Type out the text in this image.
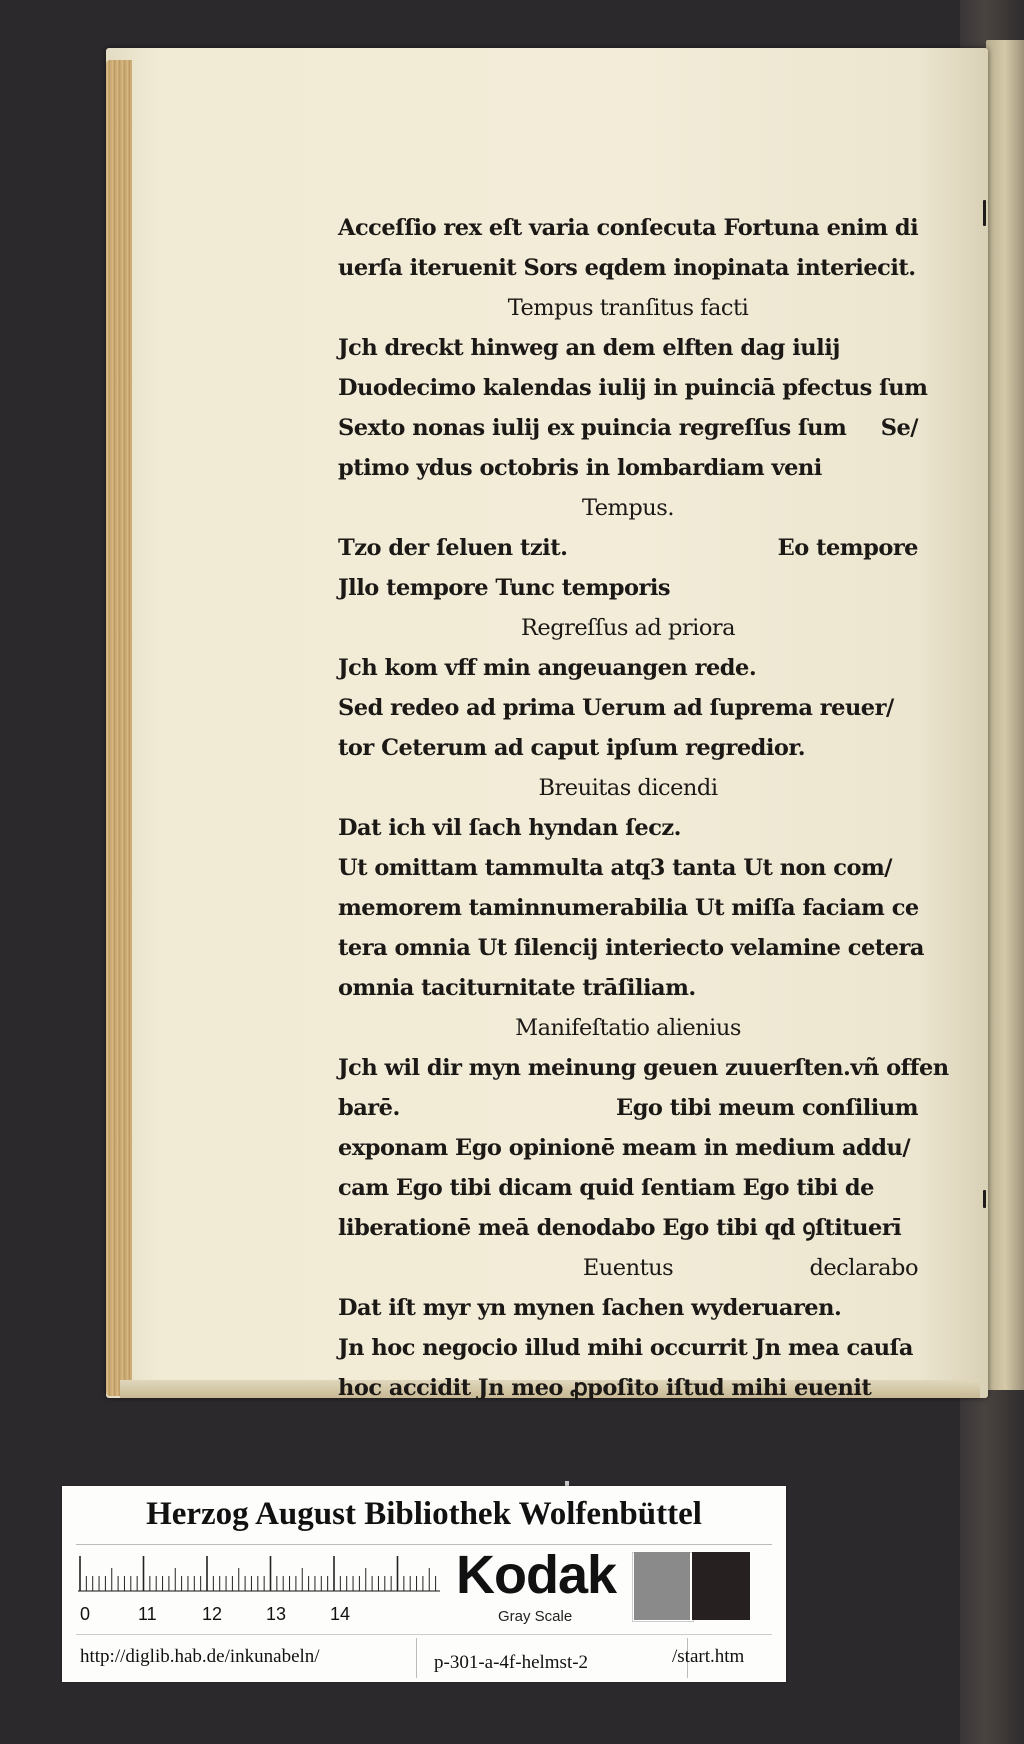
Acceſſio rex eſt varia conſecuta Fortuna enim di
uerſa iteruenit Sors eqdem inopinata interiecit.
Tempus tranſitus facti
Jch dreckt hinweg an dem elften dag iulij
Duodecimo kalendas iulij in puinciā pfectus ſum
Sexto nonas iulij ex puincia regreſſus ſum Se/
ptimo ydus octobris in lombardiam veni
Tempus.
Tzo der ſeluen tzit.	Eo tempore
Jllo tempore Tunc temporis
Regreſſus ad priora
Jch kom vff min angeuangen rede.
Sed redeo ad prima Uerum ad ſuprema reuer/
tor Ceterum ad caput ipſum regredior.
Breuitas dicendi
Dat ich vil ſach hyndan ſecz.
Ut omittam tammulta atq3 tanta Ut non com/
memorem taminnumerabilia Ut miſſa faciam ce
tera omnia Ut ſilencij interiecto velamine cetera
omnia taciturnitate trāſiliam.
Manifeſtatio alienius
Jch wil dir myn meinung geuen zuuerſten.vñ offen
barē.	Ego tibi meum conſilium
exponam Ego opinionē meam in medium addu/
cam Ego tibi dicam quid ſentiam Ego tibi de
liberationē meā denodabo Ego tibi qd ꝯſtituerī
Euentus	declarabo
Dat iſt myr yn mynen ſachen wyderuaren.
Jn hoc negocio illud mihi occurrit Jn mea cauſa
hoc accidit Jn meo ꝓpoſito iſtud mihi euenit
Herzog August Bibliothek Wolfenbüttel
0	11	12 13 14
Kodak
Gray Scale
http://diglib.hab.de/inkunabeln/	p-301-a-4f-helmst-2	/start.htm
